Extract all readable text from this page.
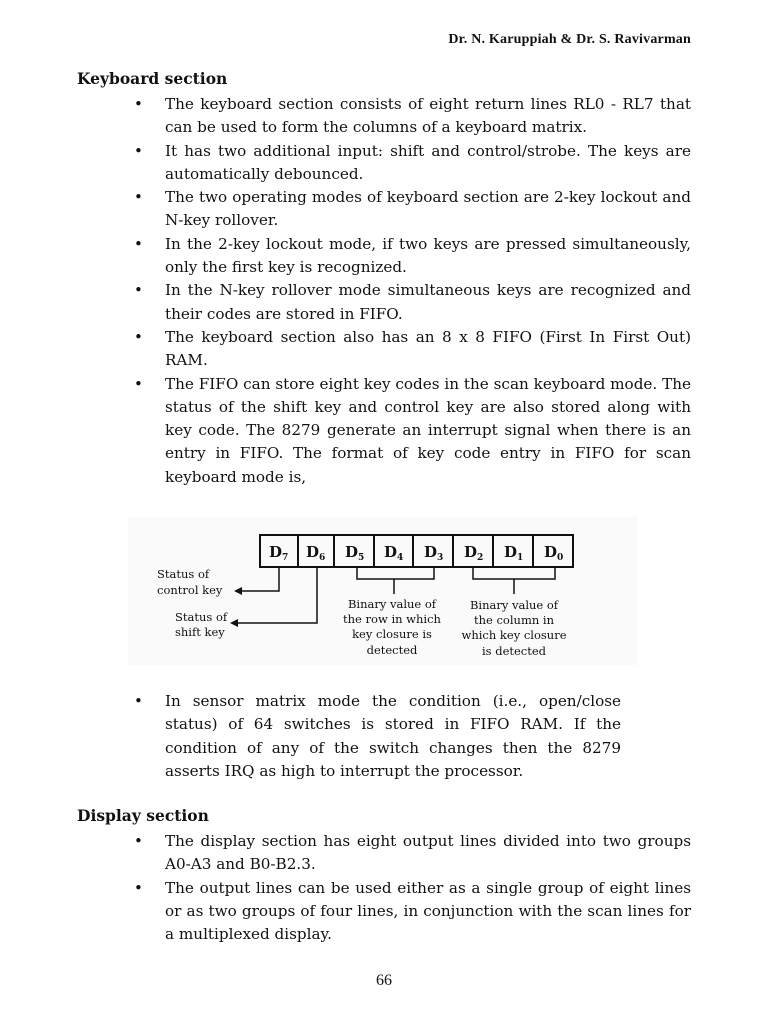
Dr. N. Karuppiah & Dr. S. Ravivarman
Keyboard section
• The keyboard section consists of eight return lines RL0 - RL7 that can be used to form the columns of a keyboard matrix.
• It has two additional input: shift and control/strobe. The keys are automatically debounced.
• The two operating modes of keyboard section are 2-key lockout and N-key rollover.
• In the 2-key lockout mode, if two keys are pressed simultaneously, only the first key is recognized.
• In the N-key rollover mode simultaneous keys are recognized and their codes are stored in FIFO.
• The keyboard section also has an 8 x 8 FIFO (First In First Out) RAM.
• The FIFO can store eight key codes in the scan keyboard mode. The status of the shift key and control key are also stored along with key code. The 8279 generate an interrupt signal when there is an entry in FIFO. The format of key code entry in FIFO for scan keyboard mode is,
$D_7$ $D_6$ $D_5$ $D_4$ $D_3$ $D_2$ $D_1$ $D_0$
Status of
control key
Status of
shift key
Binary value of
the row in which
key closure is
detected
Binary value of
the column in
which key closure
is detected
• In sensor matrix mode the condition (i.e., open/close status) of 64 switches is stored in FIFO RAM. If the condition of any of the switch changes then the 8279 asserts IRQ as high to interrupt the processor.
Display section
• The display section has eight output lines divided into two groups A0-A3 and B0-B2.3.
• The output lines can be used either as a single group of eight lines or as two groups of four lines, in conjunction with the scan lines for a multiplexed display.
66
